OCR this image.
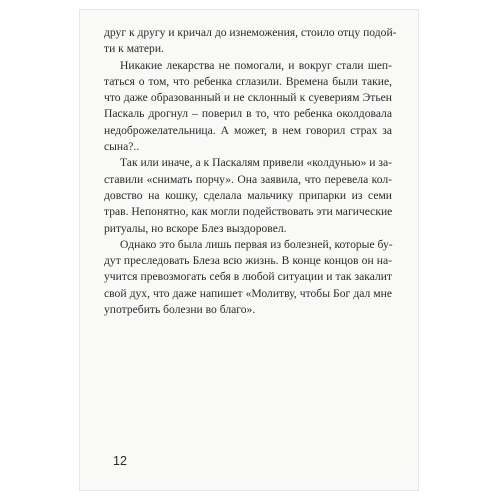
друг к другу и кричал до изнеможения, стоило отцу подой-
ти к матери.
Никакие лекарства не помогали, и вокруг стали шеп-
таться о том, что ребенка сглазили. Времена были такие,
что даже образованный и не склонный к суевериям Этьен
Паскаль дрогнул – поверил в то, что ребенка околдовала
недоброжелательница. А может, в нем говорил страх за
сына?..
Так или иначе, а к Паскалям привели «колдунью» и за-
ставили «снимать порчу». Она заявила, что перевела кол-
довство на кошку, сделала мальчику припарки из семи
трав. Непонятно, как могли подействовать эти магические
ритуалы, но вскоре Блез выздоровел.
Однако это была лишь первая из болезней, которые бу-
дут преследовать Блеза всю жизнь. В конце концов он на-
учится превозмогать себя в любой ситуации и так закалит
свой дух, что даже напишет «Молитву, чтобы Бог дал мне
употребить болезни во благо».
12
